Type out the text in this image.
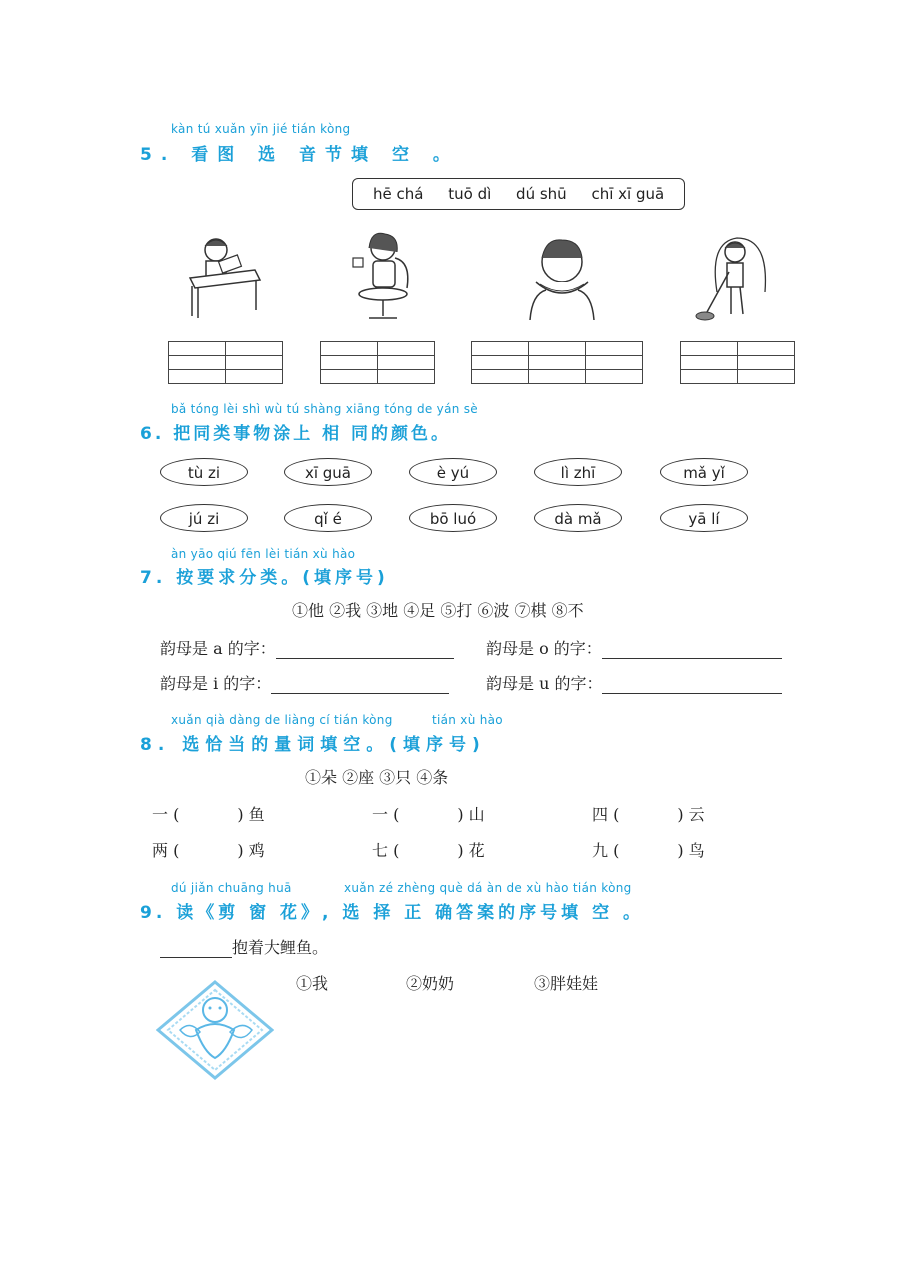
kàn tú xuǎn yīn jié tián kòng
5. 看图 选 音节填 空 。
hē chá tuō dì dú shū chī xī guā

bǎ tóng lèi shì wù tú shàng xiāng tóng de yán sè
6. 把同类事物涂上 相 同的颜色。
tù zi	xī guā	è yú	lì zhī	mǎ yǐ
jú zi	qǐ é	bō luó	dà mǎ	yā lí
àn yāo qiú fēn lèi tián xù hào
7. 按要求分类。(填序号)
①他 ②我 ③地 ④足 ⑤打 ⑥波 ⑦棋 ⑧不
韵母是 a 的字：	韵母是 o 的字：
韵母是 i 的字：	韵母是 u 的字：
xuǎn qià dàng de liàng cí tián kòng	tián xù hào
8. 选恰当的量词填空。(填序号)
①朵 ②座 ③只 ④条
一 (	) 鱼	一 (	) 山	四 (	) 云
两 (	) 鸡	七 (	) 花	九 (	) 鸟
dú jiǎn chuāng huā	xuǎn zé zhèng què dá àn de xù hào tián kòng
9. 读《剪 窗 花》, 选 择 正 确答案的序号填 空 。
抱着大鲤鱼。
①我	②奶奶	③胖娃娃
